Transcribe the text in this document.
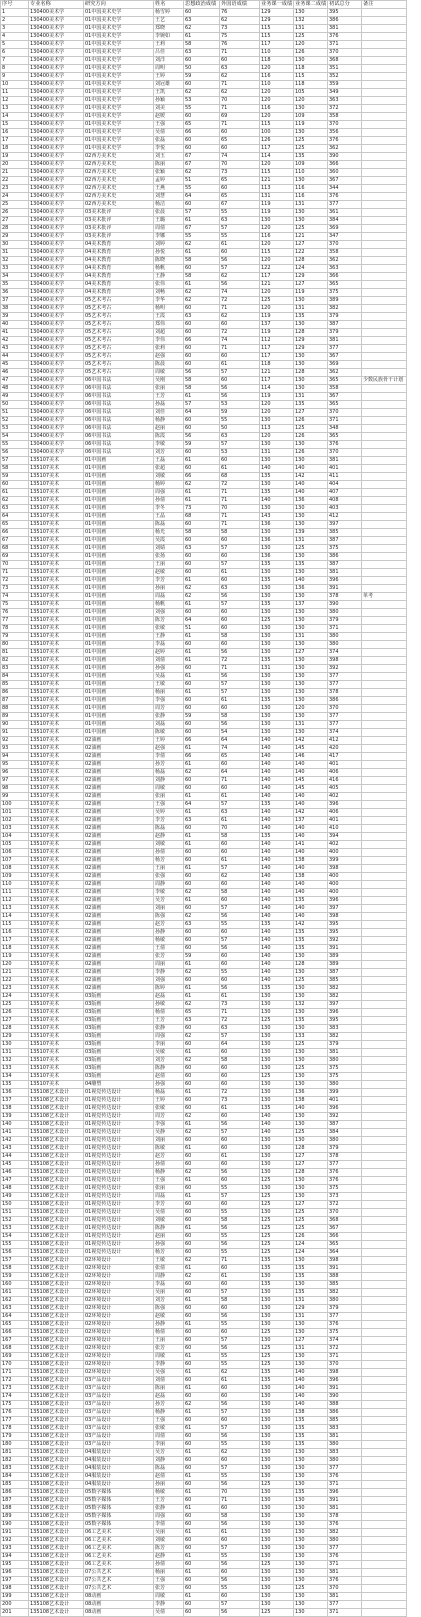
序号	专业名称	研究方向	姓名	思想政治成绩	外国语成绩	业务课一成绩	业务课二成绩	初试总分	备注
1	130400美术学	01中国美术史学	杨雪婷	60	76	129	130	395	
2	130400美术学	01中国美术史学	王艺	63	62	129	132	386	
3	130400美术学	01中国美术史学	郑晓	62	73	115	131	381	
4	130400美术学	01中国美术史学	李婉如	61	75	115	125	376	
5	130400美术学	01中国美术史学	王莉	58	76	117	120	371	
6	130400美术学	01中国美术史学	吕佳	63	71	110	126	370	
7	130400美术学	01中国美术史学	刘洋	60	60	118	130	368	
8	130400美术学	01中国美术史学	周明	50	63	120	118	351	
9	130400美术学	01中国美术史学	王婷	59	62	116	115	352	
10	130400美术学	01中国美术史学	刘冠雄	60	71	110	118	359	
11	130400美术学	01中国美术史学	王凯	62	62	120	105	349	
12	130400美术学	01中国美术史学	孙颖	53	70	120	120	363	
13	130400美术学	01中国美术史学	刘美	55	71	116	130	372	
14	130400美术学	01中国美术史学	赵媛	60	69	120	109	358	
15	130400美术学	01中国美术史学	王强	65	71	115	119	370	
16	130400美术学	01中国美术史学	吴倩	66	60	100	130	356	
17	130400美术学	01中国美术史学	张磊	60	65	126	125	376	
18	130400美术学	01中国美术史学	李悦	60	60	117	125	362	
19	130400美术学	02西方美术史	刘玉	67	74	114	135	390	
20	130400美术学	02西方美术史	陈丽	67	70	120	109	366	
21	130400美术学	02西方美术史	张颖	62	73	115	110	360	
22	130400美术学	02西方美术史	孟婷	51	65	121	130	367	
23	130400美术学	02西方美术史	王燕	55	60	113	116	344	
24	130400美术学	02西方美术史	刘慧	64	65	131	116	376	
25	130400美术学	02西方美术史	杨洁	60	67	119	131	377	
26	130400美术学	03美术批评	张晨	57	55	119	130	361	
27	130400美术学	03美术批评	王璐	61	63	130	130	384	
28	130400美术学	03美术批评	周倩	67	57	120	125	369	
29	130400美术学	03美术批评	李娜	55	55	116	121	347	
30	130400美术学	04美术教育	刘婷	62	61	120	127	370	
31	130400美术学	04美术教育	孙悦	61	60	115	122	358	
32	130400美术学	04美术教育	陈晓	58	56	120	128	362	
33	130400美术学	04美术教育	杨帆	60	57	122	124	363	
34	130400美术学	04美术教育	王静	58	62	117	129	366	
35	130400美术学	04美术教育	张伟	61	56	121	127	365	
36	130400美术学	04美术教育	刘畅	62	74	120	119	375	
37	130400美术学	05艺术考古	李华	62	72	125	130	389	
38	130400美术学	05艺术考古	杨明	60	71	120	131	382	
39	130400美术学	05艺术考古	王霞	63	62	119	135	379	
40	130400美术学	05艺术考古	郑伟	60	60	137	130	387	
41	130400美术学	05艺术考古	刘超	60	72	119	128	379	
42	130400美术学	05艺术考古	李伟	66	74	112	129	381	
43	130400美术学	05艺术考古	张莉	60	71	117	129	377	
44	130400美术学	05艺术考古	赵强	60	60	117	130	367	
45	130400美术学	05艺术考古	陈晨	60	61	118	130	369	
46	130400美术学	05艺术考古	周敏	56	57	121	128	362	
47	130400美术学	06中国书法	吴刚	58	60	117	130	365	少数民族骨干计划
48	130400美术学	06中国书法	张丽	58	56	114	130	358	
49	130400美术学	06中国书法	王芳	61	56	119	131	367	
50	130400美术学	06中国书法	孙磊	57	53	120	135	365	
51	130400美术学	06中国书法	刘佳	64	59	120	127	370	
52	130400美术学	06中国书法	杨静	60	55	130	126	371	
53	130400美术学	06中国书法	赵丽	60	50	113	125	348	
54	130400美术学	06中国书法	陈霞	56	63	120	126	365	
55	130400美术学	06中国书法	李敏	59	57	130	130	376	
56	130400美术学	06中国书法	刘芳	60	53	131	126	370	
57	135107美术	01中国画	王磊	61	60	130	130	381	
58	135107美术	01中国画	张超	60	61	140	140	401	
59	135107美术	01中国画	刘敏	66	68	135	142	411	
60	135107美术	01中国画	杨婷	62	72	130	140	404	
61	135107美术	01中国画	周强	61	71	135	140	407	
62	135107美术	01中国画	孙倩	61	71	140	136	408	
63	135107美术	01中国画	李冬	73	70	130	130	403	
64	135107美术	01中国画	王晶	68	71	143	130	412	
65	135107美术	01中国画	陈磊	60	71	136	130	397	
66	135107美术	01中国画	杨光	58	58	130	139	385	
67	135107美术	01中国画	吴霞	60	60	136	131	387	
68	135107美术	01中国画	刘婧	63	57	130	125	375	
69	135107美术	01中国画	张扬	60	60	136	130	386	
70	135107美术	01中国画	王丽	60	57	135	135	387	
71	135107美术	01中国画	赵敏	60	61	130	130	381	
72	135107美术	01中国画	李芳	61	60	135	140	396	
73	135107美术	01中国画	孙丽	62	63	130	136	391	
74	135107美术	01中国画	周磊	62	56	130	130	378	单考
75	135107美术	01中国画	杨帆	61	57	135	137	390	
76	135107美术	01中国画	刘强	60	60	130	130	380	
77	135107美术	01中国画	陈芳	64	60	125	130	379	
78	135107美术	01中国画	张敏	51	60	130	130	371	
79	135107美术	01中国画	王静	61	58	130	131	380	
80	135107美术	01中国画	李磊	60	60	130	130	380	
81	135107美术	01中国画	赵婷	61	56	130	127	374	
82	135107美术	01中国画	刘倩	61	72	135	130	398	
83	135107美术	01中国画	孙强	60	71	131	130	392	
84	135107美术	01中国画	吴磊	61	56	130	130	377	
85	135107美术	01中国画	王敏	60	57	130	130	377	
86	135107美术	01中国画	杨丽	61	57	130	130	378	
87	135107美术	01中国画	李强	60	61	135	130	386	
88	135107美术	01中国画	周芳	60	60	130	120	370	
89	135107美术	01中国画	张静	59	58	130	130	377	
90	135107美术	01中国画	刘磊	60	56	130	131	377	
91	135107美术	01中国画	陈敏	60	54	130	130	374	
92	135107美术	02油画	王婷	66	64	140	142	412	
93	135107美术	02油画	赵强	61	74	140	145	420	
94	135107美术	02油画	李倩	66	65	140	146	417	
95	135107美术	02油画	孙芳	61	60	140	140	401	
96	135107美术	02油画	杨磊	62	64	140	140	406	
97	135107美术	02油画	刘静	60	71	140	145	416	
98	135107美术	02油画	周敏	60	60	140	145	405	
99	135107美术	02油画	张丽	61	61	140	140	402	
100	135107美术	02油画	王强	64	57	135	140	396	
101	135107美术	02油画	吴婷	61	63	140	142	406	
102	135107美术	02油画	李芳	63	61	140	137	401	
103	135107美术	02油画	陈磊	60	70	140	140	410	
104	135107美术	02油画	赵静	61	58	135	140	394	
105	135107美术	02油画	刘敏	61	60	140	141	402	
106	135107美术	02油画	孙倩	60	60	140	140	400	
107	135107美术	02油画	杨芳	60	61	140	138	399	
108	135107美术	02油画	王丽	61	57	140	140	398	
109	135107美术	02油画	张强	60	62	140	138	400	
110	135107美术	02油画	周静	60	60	140	140	400	
111	135107美术	02油画	李敏	62	58	140	140	400	
112	135107美术	02油画	吴芳	61	60	140	135	396	
113	135107美术	02油画	刘丽	60	57	140	140	397	
114	135107美术	02油画	陈强	62	56	140	140	398	
115	135107美术	02油画	赵芳	63	55	135	142	395	
116	135107美术	02油画	孙静	60	60	140	135	395	
117	135107美术	02油画	杨敏	60	57	140	135	392	
118	135107美术	02油画	王倩	60	56	140	135	391	
119	135107美术	02油画	张芳	59	60	140	130	389	
120	135107美术	02油画	周丽	61	60	140	128	389	
121	135107美术	02油画	李静	62	55	140	130	387	
122	135107美术	02油画	刘强	60	60	140	125	385	
123	135107美术	02油画	陈婷	61	56	135	130	382	
124	135107美术	03版画	赵磊	61	61	130	130	382	
125	135107美术	03版画	孙敏	62	73	130	132	397	
126	135107美术	03版画	杨倩	65	71	130	130	396	
127	135107美术	03版画	王芳	63	72	125	135	395	
128	135107美术	03版画	张静	60	63	130	130	383	
129	135107美术	03版画	周强	62	57	130	133	382	
130	135107美术	03版画	李丽	60	64	130	125	379	
131	135107美术	03版画	吴敏	61	60	130	130	381	
132	135107美术	03版画	刘芳	62	58	130	130	380	
133	135107美术	03版画	陈静	60	60	130	125	375	
134	135107美术	03版画	赵倩	60	60	125	130	375	
135	135107美术	04雕塑	孙强	60	60	130	130	380	
136	135108艺术设计	01视觉传达设计	杨磊	61	72	130	136	399	
137	135108艺术设计	01视觉传达设计	王婷	60	73	130	138	401	
138	135108艺术设计	01视觉传达设计	张敏	60	61	135	140	396	
139	135108艺术设计	01视觉传达设计	周芳	62	60	140	130	392	
140	135108艺术设计	01视觉传达设计	李强	61	56	140	130	387	
141	135108艺术设计	01视觉传达设计	吴静	62	57	140	125	384	
142	135108艺术设计	01视觉传达设计	刘丽	60	60	130	130	380	
143	135108艺术设计	01视觉传达设计	陈敏	61	60	130	128	379	
144	135108艺术设计	01视觉传达设计	赵芳	60	61	130	127	378	
145	135108艺术设计	01视觉传达设计	孙倩	60	60	130	127	377	
146	135108艺术设计	01视觉传达设计	杨静	62	56	130	128	376	
147	135108艺术设计	01视觉传达设计	王强	61	60	125	130	376	
148	135108艺术设计	01视觉传达设计	张丽	60	55	130	130	375	
149	135108艺术设计	01视觉传达设计	周磊	61	57	125	130	373	
150	135108艺术设计	01视觉传达设计	李芳	60	60	125	127	372	
151	135108艺术设计	01视觉传达设计	吴倩	60	55	130	125	370	
152	135108艺术设计	01视觉传达设计	刘敏	60	58	125	125	368	
153	135108艺术设计	01视觉传达设计	陈静	61	56	125	125	367	
154	135108艺术设计	01视觉传达设计	赵丽	60	55	125	126	366	
155	135108艺术设计	01视觉传达设计	孙强	60	56	125	124	365	
156	135108艺术设计	01视觉传达设计	杨芳	60	55	125	124	364	
157	135108艺术设计	02环境设计	王敏	62	71	135	130	398	
158	135108艺术设计	02环境设计	张倩	61	60	135	135	391	
159	135108艺术设计	02环境设计	周静	62	61	130	135	388	
160	135108艺术设计	02环境设计	李磊	60	60	135	130	385	
161	135108艺术设计	02环境设计	吴丽	60	57	130	135	382	
162	135108艺术设计	02环境设计	刘芳	61	58	130	131	380	
163	135108艺术设计	02环境设计	陈强	60	60	130	129	379	
164	135108艺术设计	02环境设计	赵敏	60	56	130	131	377	
165	135108艺术设计	02环境设计	孙静	61	55	130	130	376	
166	135108艺术设计	02环境设计	杨倩	60	60	125	130	375	
167	135108艺术设计	02环境设计	王丽	60	57	130	127	374	
168	135108艺术设计	02环境设计	张芳	60	56	125	131	372	
169	135108艺术设计	02环境设计	周敏	61	55	125	130	371	
170	135108艺术设计	02环境设计	李静	60	55	125	130	370	
171	135108艺术设计	02环境设计	吴强	61	62	135	140	398	
172	135108艺术设计	03产品设计	刘倩	60	61	135	140	396	
173	135108艺术设计	03产品设计	陈丽	61	60	130	140	391	
174	135108艺术设计	03产品设计	赵磊	60	60	130	140	390	
175	135108艺术设计	03产品设计	孙芳	62	56	130	140	388	
176	135108艺术设计	03产品设计	杨静	61	57	130	138	386	
177	135108艺术设计	03产品设计	王强	60	60	130	135	385	
178	135108艺术设计	03产品设计	张敏	61	57	130	135	383	
179	135108艺术设计	03产品设计	周倩	60	56	130	135	381	
180	135108艺术设计	03产品设计	李丽	60	55	130	135	380	
181	135108艺术设计	04服装设计	吴芳	61	62	130	130	383	
182	135108艺术设计	04服装设计	刘静	60	60	130	130	380	
183	135108艺术设计	04服装设计	陈磊	60	57	130	130	377	
184	135108艺术设计	04服装设计	赵倩	61	55	130	130	376	
185	135108艺术设计	04服装设计	孙丽	60	56	125	130	371	
186	135108艺术设计	05数字媒体	杨敏	61	70	130	135	396	
187	135108艺术设计	05数字媒体	王芳	60	71	130	130	391	
188	135108艺术设计	05数字媒体	张静	61	60	130	130	381	
189	135108艺术设计	05数字媒体	周强	60	58	130	130	378	
190	135108艺术设计	05数字媒体	李倩	60	56	130	130	376	
191	135108艺术设计	06工艺美术	吴丽	61	61	130	130	382	
192	135108艺术设计	06工艺美术	刘敏	60	60	130	130	380	
193	135108艺术设计	06工艺美术	陈芳	60	57	130	130	377	
194	135108艺术设计	06工艺美术	赵静	61	55	130	130	376	
195	135108艺术设计	06工艺美术	孙倩	60	56	125	130	371	
196	135108艺术设计	07公共艺术	杨丽	61	60	130	130	381	
197	135108艺术设计	07公共艺术	王强	60	56	130	130	376	
198	135108艺术设计	07公共艺术	张芳	60	55	130	125	370	
199	135108艺术设计	08动画	周敏	61	60	130	130	381	
200	135108艺术设计	08动画	李静	60	57	130	130	377	
201	135108艺术设计	08动画	吴倩	60	56	125	130	371	
